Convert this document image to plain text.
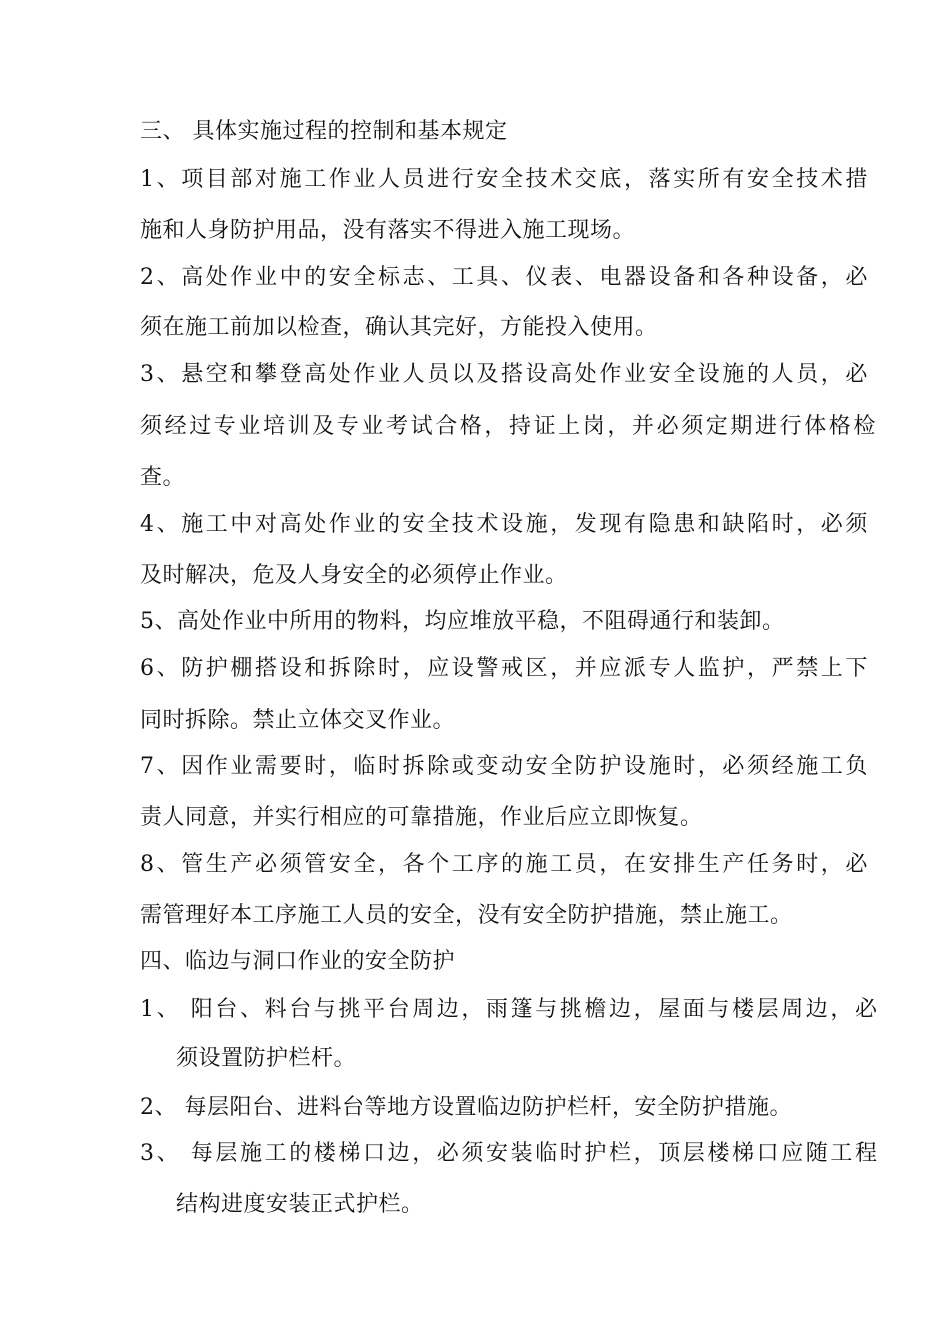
三、 具体实施过程的控制和基本规定
1、项目部对施工作业人员进行安全技术交底，落实所有安全技术措
施和人身防护用品，没有落实不得进入施工现场。
2、高处作业中的安全标志、工具、仪表、电器设备和各种设备，必
须在施工前加以检查，确认其完好，方能投入使用。
3、悬空和攀登高处作业人员以及搭设高处作业安全设施的人员，必
须经过专业培训及专业考试合格，持证上岗，并必须定期进行体格检
查。
4、施工中对高处作业的安全技术设施，发现有隐患和缺陷时，必须
及时解决，危及人身安全的必须停止作业。
5、高处作业中所用的物料，均应堆放平稳，不阻碍通行和装卸。
6、防护棚搭设和拆除时，应设警戒区，并应派专人监护，严禁上下
同时拆除。禁止立体交叉作业。
7、因作业需要时，临时拆除或变动安全防护设施时，必须经施工负
责人同意，并实行相应的可靠措施，作业后应立即恢复。
8、管生产必须管安全，各个工序的施工员，在安排生产任务时，必
需管理好本工序施工人员的安全，没有安全防护措施，禁止施工。
四、临边与洞口作业的安全防护
1、 阳台、料台与挑平台周边，雨篷与挑檐边，屋面与楼层周边，必
须设置防护栏杆。
2、 每层阳台、进料台等地方设置临边防护栏杆，安全防护措施。
3、 每层施工的楼梯口边，必须安装临时护栏，顶层楼梯口应随工程
结构进度安装正式护栏。
